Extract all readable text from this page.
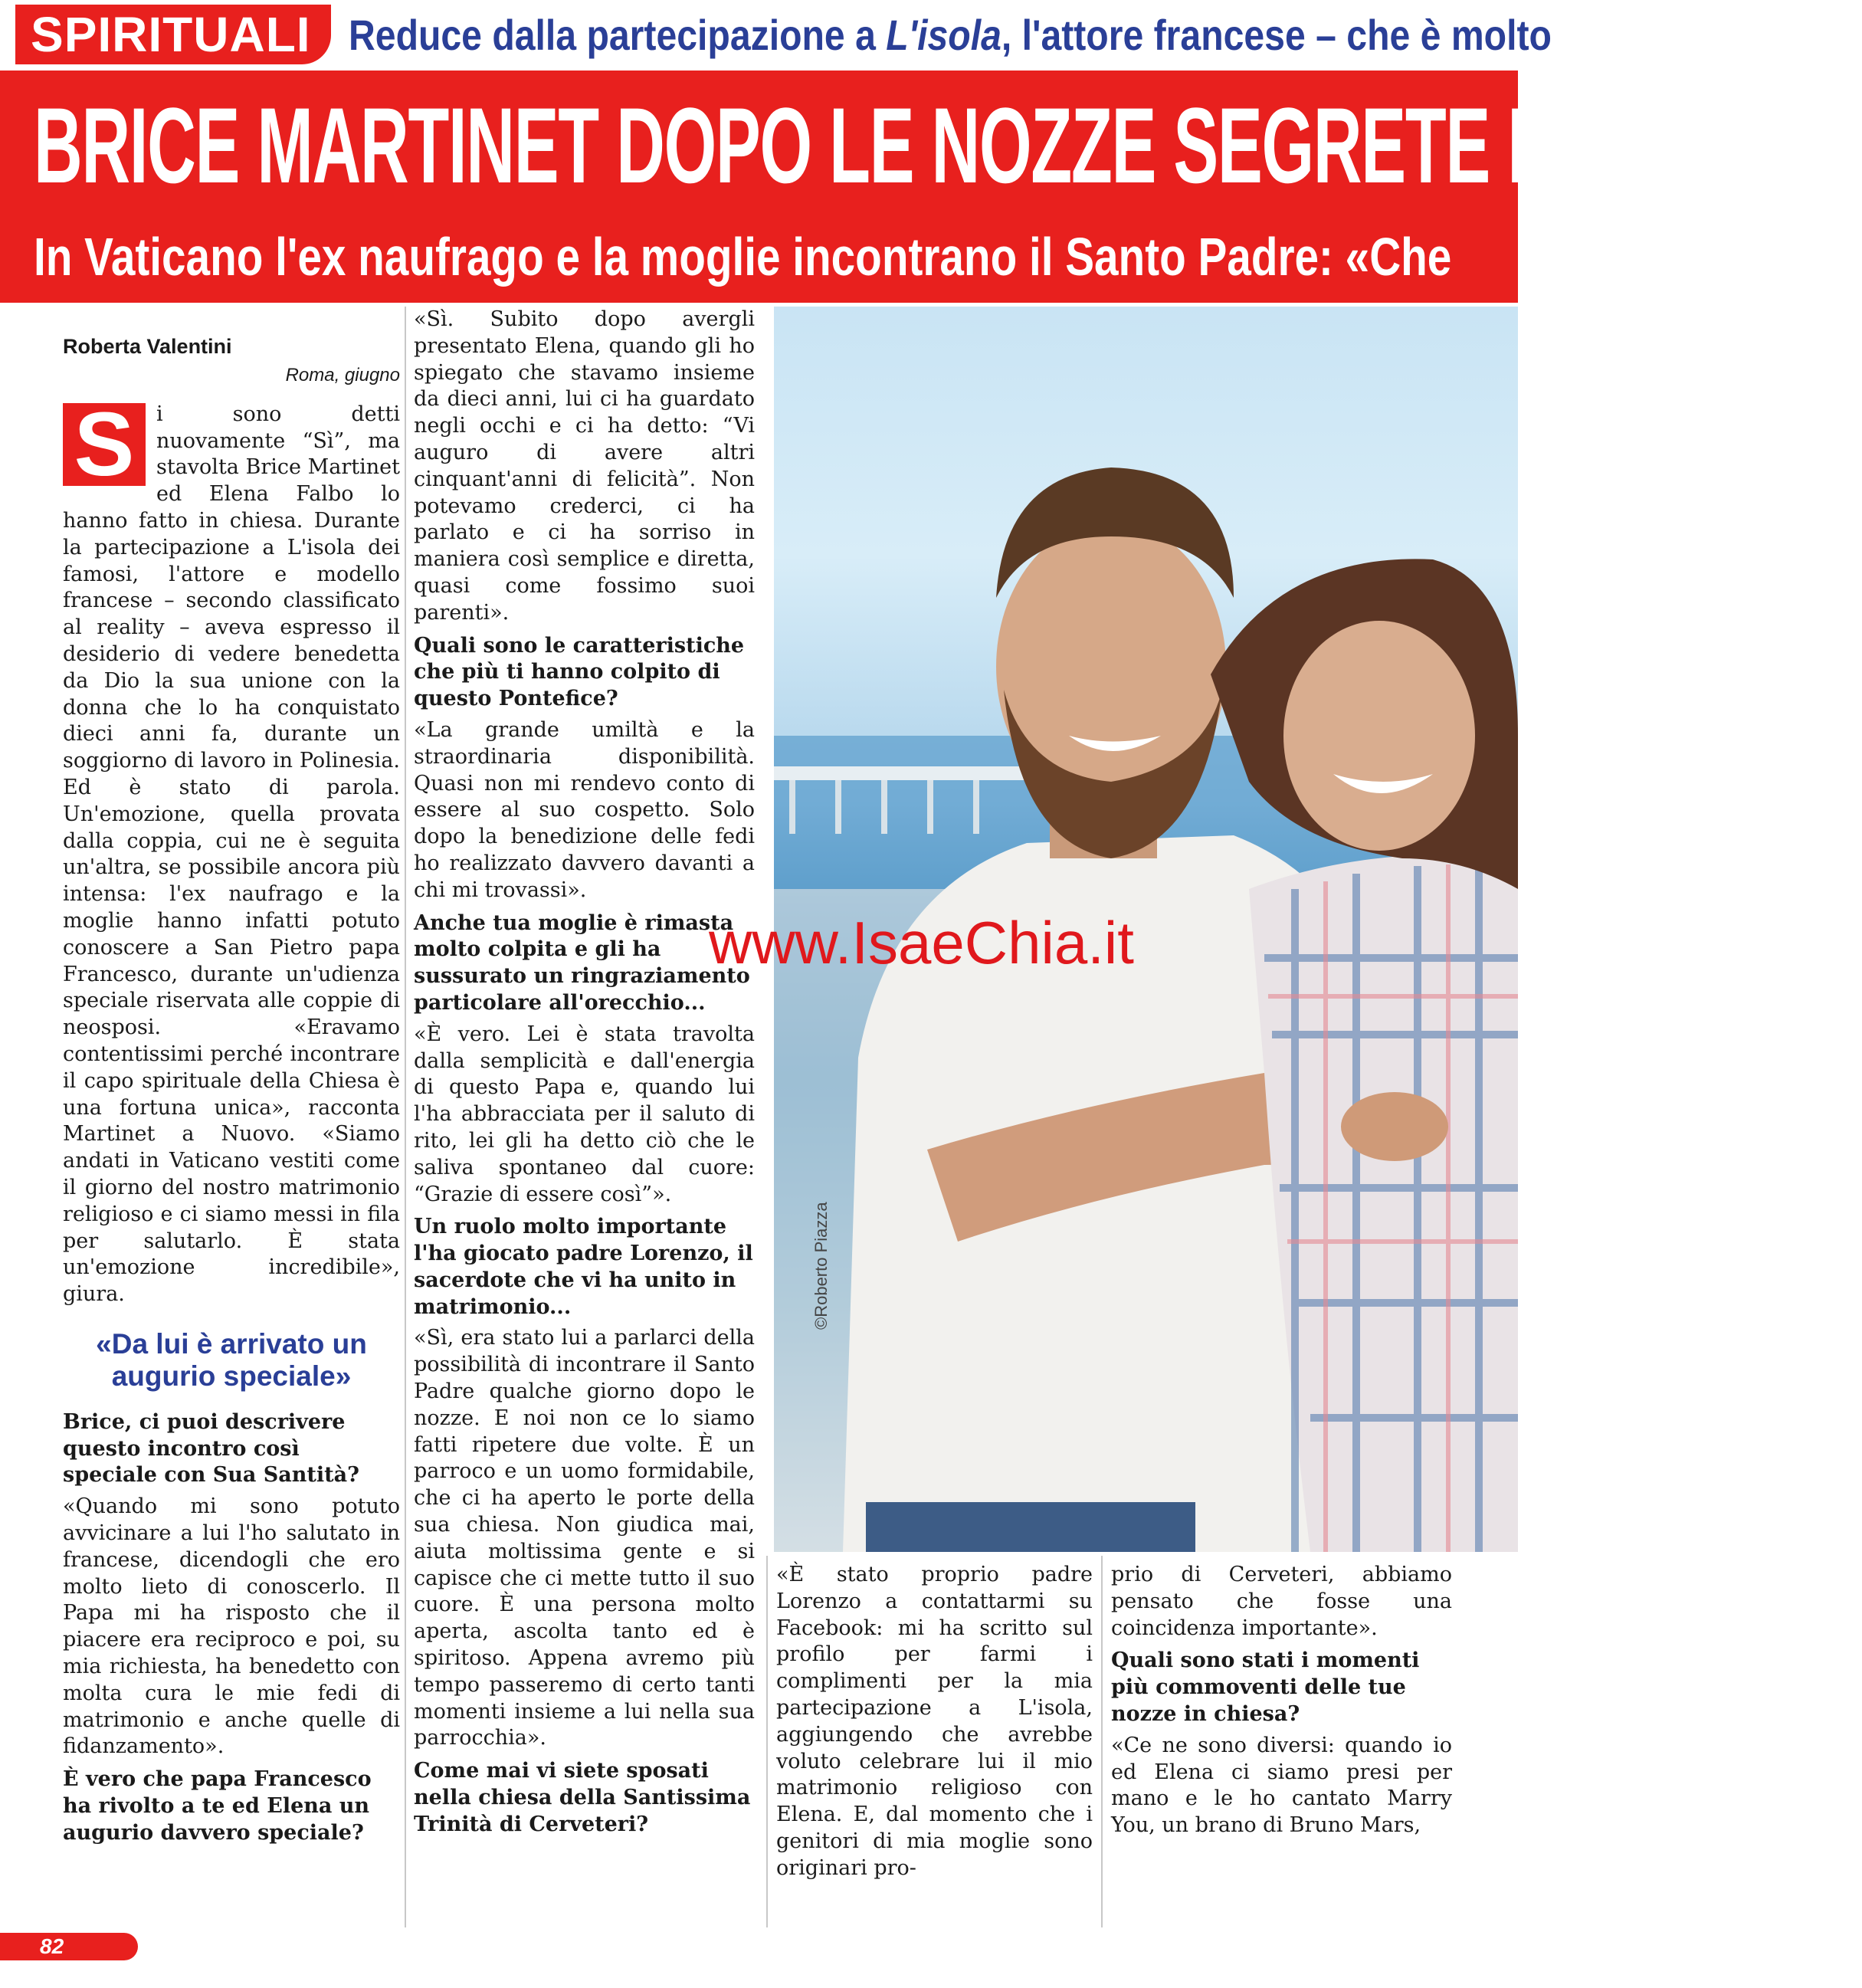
SPIRITUALI Reduce dalla partecipazione a L'isola, l'attore francese – che è molto
BRICE MARTINET DOPO LE NOZZE SEGRETE IN CHIESA:
In Vaticano l'ex naufrago e la moglie incontrano il Santo Padre: «Che
©Roberto Piazza

Roberta Valentini

Roma, giugno

S	i sono detti nuovamente “Sì”, ma stavolta Brice Martinet ed Elena Falbo lo hanno fatto in chiesa. Durante la partecipazione a L'isola dei famosi, l'attore e modello francese – secondo classificato al reality – aveva espresso il desiderio di vedere benedetta da Dio la sua unione con la donna che lo ha conquistato dieci anni fa, durante un soggiorno di lavoro in Polinesia. Ed è stato di parola. Un'emozione, quella provata dalla coppia, cui ne è seguita un'altra, se possibile ancora più intensa: l'ex naufrago e la moglie hanno infatti potuto conoscere a San Pietro papa Francesco, durante un'udienza speciale riservata alle coppie di neosposi. «Eravamo contentissimi perché incontrare il capo spirituale della Chiesa è una fortuna unica», racconta Martinet a Nuovo. «Siamo andati in Vaticano vestiti come il giorno del nostro matrimonio religioso e ci siamo messi in fila per salutarlo. È stata un'emozione incredibile», giura.

«Da lui è arrivato un augurio speciale»

Brice, ci puoi descrivere questo incontro così speciale con Sua Santità?

«Quando mi sono potuto avvicinare a lui l'ho salutato in francese, dicendogli che ero molto lieto di conoscerlo. Il Papa mi ha risposto che il piacere era reciproco e poi, su mia richiesta, ha benedetto con molta cura le mie fedi di matrimonio e anche quelle di fidanzamento».

È vero che papa Francesco ha rivolto a te ed Elena un augurio davvero speciale?

«Sì. Subito dopo avergli presentato Elena, quando gli ho spiegato che stavamo insieme da dieci anni, lui ci ha guardato negli occhi e ci ha detto: “Vi auguro di avere altri cinquant'anni di felicità”. Non potevamo crederci, ci ha parlato e ci ha sorriso in maniera così semplice e diretta, quasi come fossimo suoi parenti».

Quali sono le caratteristiche che più ti hanno colpito di questo Pontefice?

«La grande umiltà e la straordinaria disponibilità. Quasi non mi rendevo conto di essere al suo cospetto. Solo dopo la benedizione delle fedi ho realizzato davvero davanti a chi mi trovassi».

Anche tua moglie è rimasta molto colpita e gli ha sussurato un ringraziamento particolare all'orecchio...

«È vero. Lei è stata travolta dalla semplicità e dall'energia di questo Papa e, quando lui l'ha abbracciata per il saluto di rito, lei gli ha detto ciò che le saliva spontaneo dal cuore: “Grazie di essere così”».

Un ruolo molto importante l'ha giocato padre Lorenzo, il sacerdote che vi ha unito in matrimonio...

«Sì, era stato lui a parlarci della possibilità di incontrare il Santo Padre qualche giorno dopo le nozze. E noi non ce lo siamo fatti ripetere due volte. È un parroco e un uomo formidabile, che ci ha aperto le porte della sua chiesa. Non giudica mai, aiuta moltissima gente e si capisce che ci mette tutto il suo cuore. È una persona molto aperta, ascolta tanto ed è spiritoso. Appena avremo più tempo passeremo di certo tanti momenti insieme a lui nella sua parrocchia».

Come mai vi siete sposati nella chiesa della Santissima Trinità di Cerveteri?

«È stato proprio padre Lorenzo a contattarmi su Facebook: mi ha scritto sul profilo per farmi i complimenti per la mia partecipazione a L'isola, aggiungendo che avrebbe voluto celebrare lui il mio matrimonio religioso con Elena. E, dal momento che i genitori di mia moglie sono originari pro-

prio di Cerveteri, abbiamo pensato che fosse una coincidenza importante».

Quali sono stati i momenti più commoventi delle tue nozze in chiesa?

«Ce ne sono diversi: quando io ed Elena ci siamo presi per mano e le ho cantato Marry You, un brano di Bruno Mars,

www.IsaeChia.it
82
NUOVO
